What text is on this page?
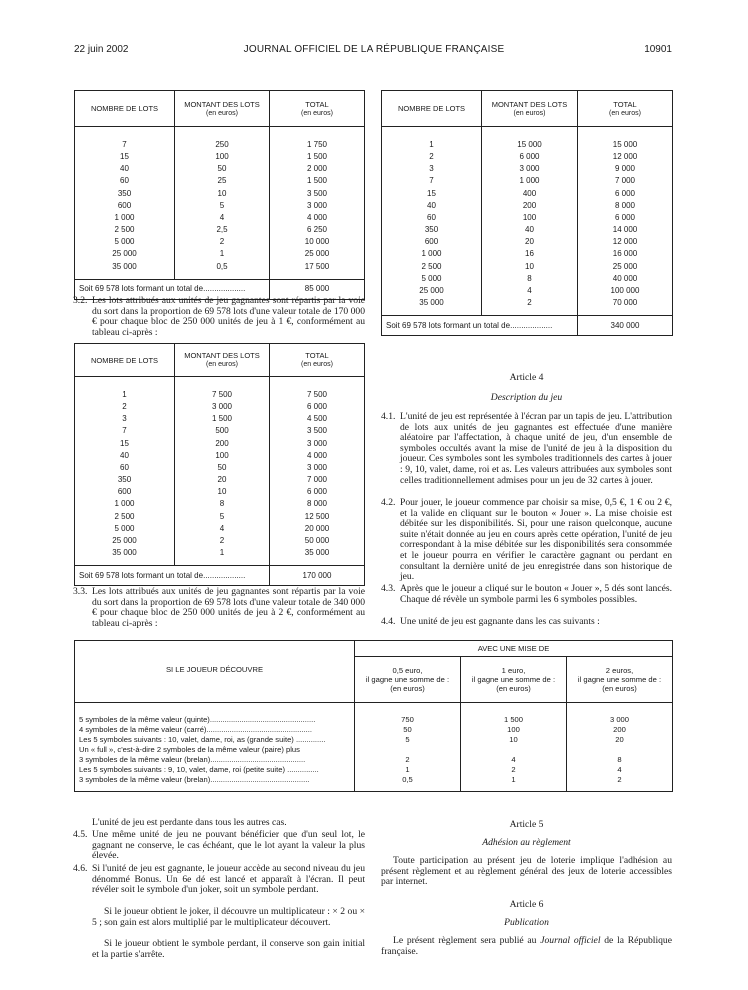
22 juin 2002	JOURNAL OFFICIEL DE LA RÉPUBLIQUE FRANÇAISE	10901
NOMBRE DE LOTS	MONTANT DES LOTS
(en euros)	TOTAL
(en euros)

7	250	1 750
15	100	1 500
40	50	2 000
60	25	1 500
350	10	3 500
600	5	3 000
1 000	4	4 000
2 500	2,5	6 250
5 000	2	10 000
25 000	1	25 000
35 000	0,5	17 500

Soit 69 578 lots formant un total de...................		85 000
3.2. Les lots attribués aux unités de jeu gagnantes sont répartis par la voie du sort dans la proportion de 69 578 lots d'une valeur totale de 170 000 € pour chaque bloc de 250 000 unités de jeu à 1 €, conformément au tableau ci-après :
NOMBRE DE LOTS	MONTANT DES LOTS
(en euros)	TOTAL
(en euros)

1	7 500	7 500
2	3 000	6 000
3	1 500	4 500
7	500	3 500
15	200	3 000
40	100	4 000
60	50	3 000
350	20	7 000
600	10	6 000
1 000	8	8 000
2 500	5	12 500
5 000	4	20 000
25 000	2	50 000
35 000	1	35 000

Soit 69 578 lots formant un total de...................		170 000
3.3. Les lots attribués aux unités de jeu gagnantes sont répartis par la voie du sort dans la proportion de 69 578 lots d'une valeur totale de 340 000 € pour chaque bloc de 250 000 unités de jeu à 2 €, conformément au tableau ci-après :
NOMBRE DE LOTS	MONTANT DES LOTS
(en euros)	TOTAL
(en euros)

1	15 000	15 000
2	6 000	12 000
3	3 000	9 000
7	1 000	7 000
15	400	6 000
40	200	8 000
60	100	6 000
350	40	14 000
600	20	12 000
1 000	16	16 000
2 500	10	25 000
5 000	8	40 000
25 000	4	100 000
35 000	2	70 000

Soit 69 578 lots formant un total de...................		340 000
Article 4
Description du jeu
4.1. L'unité de jeu est représentée à l'écran par un tapis de jeu. L'attribution de lots aux unités de jeu gagnantes est effectuée d'une manière aléatoire par l'affectation, à chaque unité de jeu, d'un ensemble de symboles occultés avant la mise de l'unité de jeu à la disposition du joueur. Ces symboles sont les symboles traditionnels des cartes à jouer : 9, 10, valet, dame, roi et as. Les valeurs attribuées aux symboles sont celles traditionnellement admises pour un jeu de 32 cartes à jouer.
4.2. Pour jouer, le joueur commence par choisir sa mise, 0,5 €, 1 € ou 2 €, et la valide en cliquant sur le bouton « Jouer ». La mise choisie est débitée sur les disponibilités. Si, pour une raison quelconque, aucune suite n'était donnée au jeu en cours après cette opération, l'unité de jeu correspondant à la mise débitée sur les disponibilités sera consommée et le joueur pourra en vérifier le caractère gagnant ou perdant en consultant la dernière unité de jeu enregistrée dans son historique de jeu.
4.3. Après que le joueur a cliqué sur le bouton « Jouer », 5 dés sont lancés. Chaque dé révèle un symbole parmi les 6 symboles possibles.
4.4. Une unité de jeu est gagnante dans les cas suivants :
SI LE JOUEUR DÉCOUVRE	AVEC UNE MISE DE		
	0,5 euro,
il gagne une somme de :
(en euros)	1 euro,
il gagne une somme de :
(en euros)	2 euros,
il gagne une somme de :
(en euros)

5 symboles de la même valeur (quinte)..................................................	750	1 500	3 000
4 symboles de la même valeur (carré)..................................................	50	100	200
Les 5 symboles suivants : 10, valet, dame, roi, as (grande suite) ..............	5	10	20
Un « full », c'est-à-dire 2 symboles de la même valeur (paire) plus			
3 symboles de la même valeur (brelan).............................................	2	4	8
Les 5 symboles suivants : 9, 10, valet, dame, roi (petite suite) ...............	1	2	4
3 symboles de la même valeur (brelan)...............................................	0,5	1	2

L'unité de jeu est perdante dans tous les autres cas.
4.5. Une même unité de jeu ne pouvant bénéficier que d'un seul lot, le gagnant ne conserve, le cas échéant, que le lot ayant la valeur la plus élevée.
4.6. Si l'unité de jeu est gagnante, le joueur accède au second niveau du jeu dénommé Bonus. Un 6e dé est lancé et apparaît à l'écran. Il peut révéler soit le symbole d'un joker, soit un symbole perdant.
Si le joueur obtient le joker, il découvre un multiplicateur : × 2 ou × 5 ; son gain est alors multiplié par le multiplicateur découvert.
Si le joueur obtient le symbole perdant, il conserve son gain initial et la partie s'arrête.
Article 5
Adhésion au règlement
Toute participation au présent jeu de loterie implique l'adhésion au présent règlement et au règlement général des jeux de loterie accessibles par internet.
Article 6
Publication
Le présent règlement sera publié au Journal officiel de la République française.
